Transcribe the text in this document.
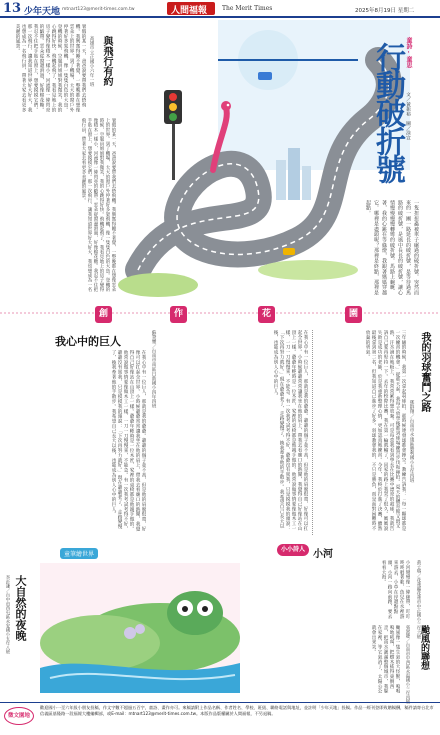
13 少年天地 mtnart123@merit-times.com.tw	人間福報 The Merit Times	2025年8月19日 星期二
暑假的某一天，爸爸說要帶我們去搭飛機。我興奮得睡不著覺，一整晚都在想像雲朵上的世界。到了機場，大大的窗戶外停著好多架飛機，像一隻隻白色的大鳥。登機的時候，空服員姐姐對我微笑，我的心跳得好快。飛機起飛了，我看見地上的房子變得像積木一樣小，河流像一條閃亮的緞帶。雲朵從窗邊滑過，好像棉花糖。我忍不住把手貼在窗上，想要摸摸它們。那一次飛行，讓我知道世界好大好大，我也想成為一名飛行員，帶著大家去看更多美麗的風景。
暑假的某一天，爸爸說要帶我們去搭飛機。我興奮得睡不著覺，一整晚都在想像雲朵上的世界。到了機場，大大的窗戶外停著好多架飛機，像一隻隻白色的大鳥。登機的時候，空服員姐姐對我微笑，我的心跳得好快。飛機起飛了，我看見地上的房子變得像積木一樣小，河流像一條閃亮的緞帶。雲朵從窗邊滑過，好像棉花糖。我忍不住把手貼在窗上，想要摸摸它們。那一次飛行，讓我知道世界好大好大，我也想成為一名飛行員，帶著大家去看更多美麗的風景。
與飛行有約
高雄市立正國小六年一班	童詩·童思
行動破折號 文／黃振裕　圖／涂宣
一隻扭扭蟲被車子碾過的破折號。突然而來的一團一路延長的破折號，是等待過馬路的破折號，是風中長長的破折號，讓心情慢慢慢慢轉彎的破折號。馬路上蜿蜒著，我的心跳在等綠燈，我跟著媽媽穿越它。哪裡是盡頭呢？那裡是終點，那裡是起點。
創	作	花	園
我的羽球奮鬥之路
鄧群翔／台南市永康區勝利國小五年四班
三年級的時候，我第一次拿起羽球拍，那時候連發球都會揮空。教練告訴我：「每一顆球都是一次練習的機會。」從那天起，我每天放學後都到球場練習步伐和揮拍。夏天的體育館又悶又熱，汗水滴在地板上，我常常累得想放棄。可是每當我看到學長在比賽中漂亮的殺球，我就告訴自己要再堅持一下。去年的校際比賽，我在第一輪就輸了，回家的路上我哭了很久。媽媽說失敗是成功的老師，於是我重新整理心情，更加認真地練習。今年，我終於打進了決賽，雖然最後拿到第二名，但我知道自己進步了好多。羽球教會我的，不只是勝負，而是面對困難時不放棄的勇氣。
在我心中有一位巨人，那就是我的爺爺。爺爺的個子並不高，但是他的肩膀很寬，好像可以扛起全世界。小時候爺爺常常讓我坐在他的肩上，帶我去看廟口的熱鬧，我覺得自己好像站在山頂上一樣。爺爺年輕時是一位木匠，家裡的桌椅都是他親手做的。他常說做事情要像做木工一樣，一刀一刀慢慢來，不能急。有一次我考試考得不好，爺爺沒有罵我，只是摸摸我的頭說：「下次再努力就好。」現在爺爺老了，走路變慢了，換我牽著他的手散步。我希望自己長大以後，也能成為別人心中的巨人。
蘇筆璽／台南市南區日新國小四年四班
我心中的巨人
在我心中有一位巨人，那就是我的爺爺。爺爺的個子並不高，但是他的肩膀很寬，好像可以扛起全世界。小時候爺爺常常讓我坐在他的肩上，帶我去看廟口的熱鬧，我覺得自己好像站在山頂上一樣。爺爺年輕時是一位木匠，家裡的桌椅都是他親手做的。他常說做事情要像做木工一樣，一刀一刀慢慢來，不能急。有一次我考試考得不好，爺爺沒有罵我，只是摸摸我的頭說：「下次再努力就好。」現在爺爺老了，走路變慢了，換我牽著他的手散步。我希望自己長大以後，也能成為別人心中的巨人。
童筆繪世界
大自然的夜晚
李沂謙／台中市西屯區永安國小五年八班
小小詩人 小河
黃子璿／花蓮縣花蓮市中正國小三年六班
小河彎彎像一條絲帶，叮叮咚咚唱著歌，魚兒在水裡游來游去，小草在岸邊點點頭，小河一路向前跑，要去看看大海。
颱風的聯想
張甯婕／台南市中西區永福國小三年四班
颱風像一隻生氣的大怪獸，嗚嗚嗚地吼叫，把樹木搖得東倒西歪，把雨水灑滿整個城市，我躲在家裡，等它氣消了，太陽公公就會出來笑。
徵文園地
歡迎國小一至六年級小朋友投稿，作文字數不超過五百字，童詩、畫作亦可。來稿請附上作品名稱、作者姓名、學校、班級、聯絡電話與地址，並註明「少年天地」投稿。作品一經刊登即致贈稿酬，稿件請寄台北市信義區基隆路一段福報大樓編輯部，或E-mail：mtnart123@merit-times.com.tw。本版作品版權屬於人間福報，不另退稿。
